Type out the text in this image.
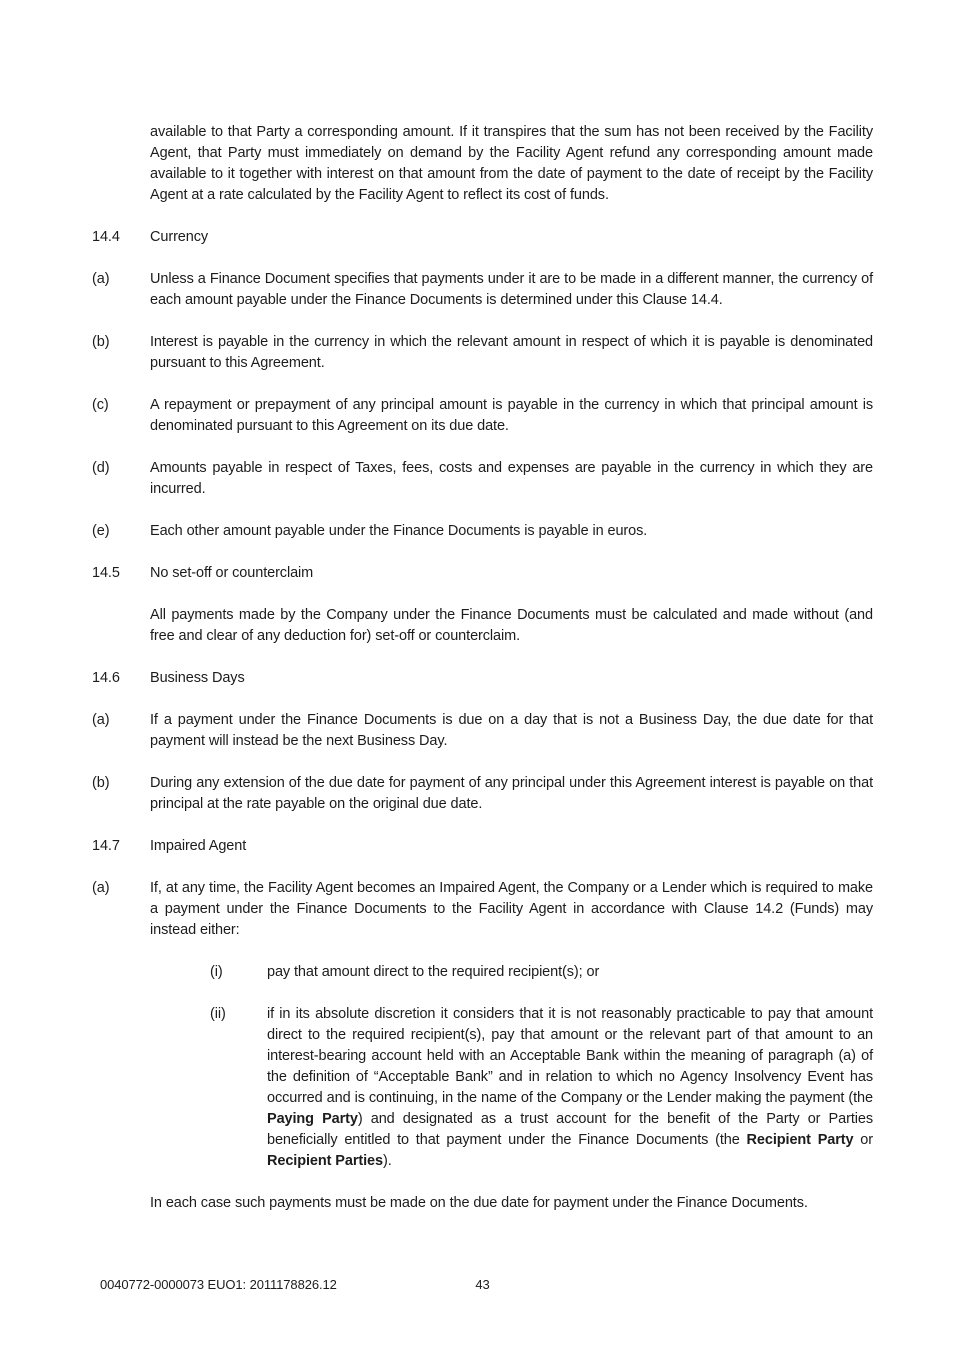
available to that Party a corresponding amount. If it transpires that the sum has not been received by the Facility Agent, that Party must immediately on demand by the Facility Agent refund any corresponding amount made available to it together with interest on that amount from the date of payment to the date of receipt by the Facility Agent at a rate calculated by the Facility Agent to reflect its cost of funds.

14.4	Currency
(a)	Unless a Finance Document specifies that payments under it are to be made in a different manner, the currency of each amount payable under the Finance Documents is determined under this Clause 14.4.
(b)	Interest is payable in the currency in which the relevant amount in respect of which it is payable is denominated pursuant to this Agreement.
(c)	A repayment or prepayment of any principal amount is payable in the currency in which that principal amount is denominated pursuant to this Agreement on its due date.
(d)	Amounts payable in respect of Taxes, fees, costs and expenses are payable in the currency in which they are incurred.
(e)	Each other amount payable under the Finance Documents is payable in euros.
14.5	No set-off or counterclaim

All payments made by the Company under the Finance Documents must be calculated and made without (and free and clear of any deduction for) set-off or counterclaim.

14.6	Business Days
(a)	If a payment under the Finance Documents is due on a day that is not a Business Day, the due date for that payment will instead be the next Business Day.
(b)	During any extension of the due date for payment of any principal under this Agreement interest is payable on that principal at the rate payable on the original due date.
14.7	Impaired Agent
(a)	If, at any time, the Facility Agent becomes an Impaired Agent, the Company or a Lender which is required to make a payment under the Finance Documents to the Facility Agent in accordance with Clause 14.2 (Funds) may instead either:
(i)	pay that amount direct to the required recipient(s); or
(ii)	if in its absolute discretion it considers that it is not reasonably practicable to pay that amount direct to the required recipient(s), pay that amount or the relevant part of that amount to an interest-bearing account held with an Acceptable Bank within the meaning of paragraph (a) of the definition of “Acceptable Bank” and in relation to which no Agency Insolvency Event has occurred and is continuing, in the name of the Company or the Lender making the payment (the Paying Party) and designated as a trust account for the benefit of the Party or Parties beneficially entitled to that payment under the Finance Documents (the Recipient Party or Recipient Parties).

In each case such payments must be made on the due date for payment under the Finance Documents.

43
0040772-0000073 EUO1: 2011178826.12
